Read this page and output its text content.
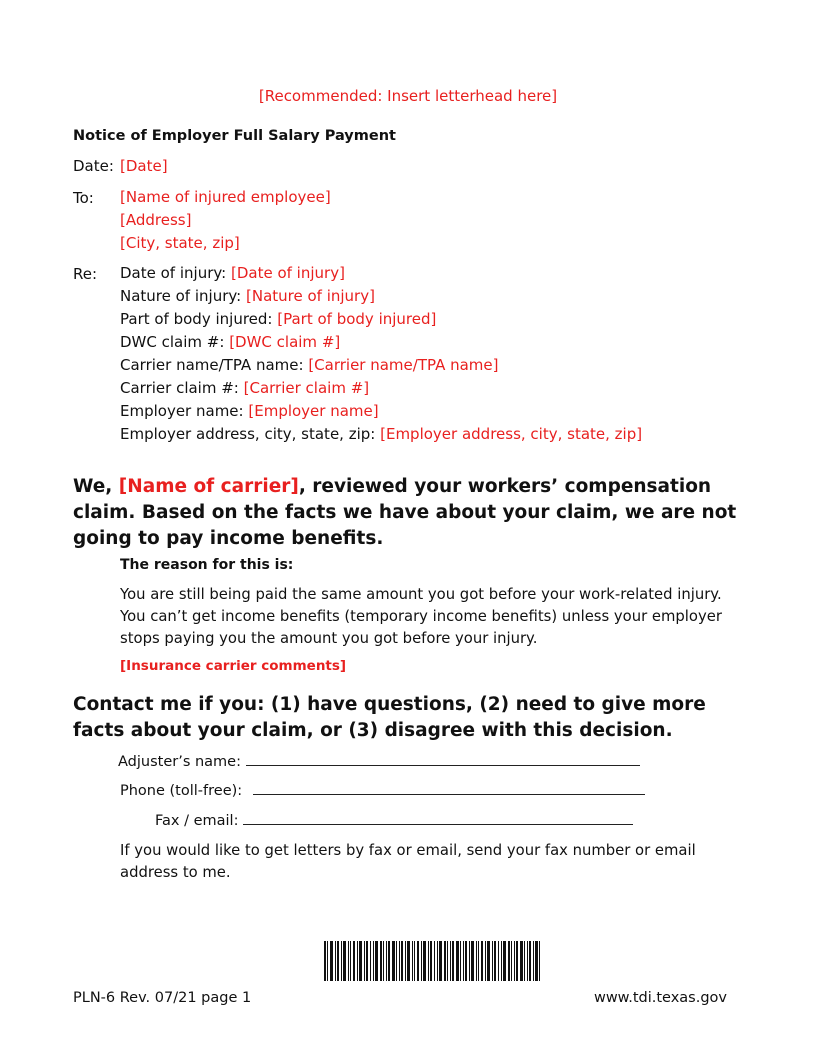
[Recommended: Insert letterhead here]
Notice of Employer Full Salary Payment
Date: [Date]
To: [Name of injured employee]
[Address]
[City, state, zip]
Re: Date of injury: [Date of injury]
Nature of injury: [Nature of injury]
Part of body injured: [Part of body injured]
DWC claim #: [DWC claim #]
Carrier name/TPA name: [Carrier name/TPA name]
Carrier claim #: [Carrier claim #]
Employer name: [Employer name]
Employer address, city, state, zip: [Employer address, city, state, zip]
We, [Name of carrier], reviewed your workers’ compensation claim. Based on the facts we have about your claim, we are not going to pay income benefits.
The reason for this is:
You are still being paid the same amount you got before your work-related injury.
You can’t get income benefits (temporary income benefits) unless your employer
stops paying you the amount you got before your injury.
[Insurance carrier comments]
Contact me if you: (1) have questions, (2) need to give more facts about your claim, or (3) disagree with this decision.
Adjuster’s name:
Phone (toll-free):
Fax / email:
If you would like to get letters by fax or email, send your fax number or email address to me.
PLN-6 Rev. 07/21 page 1	www.tdi.texas.gov
